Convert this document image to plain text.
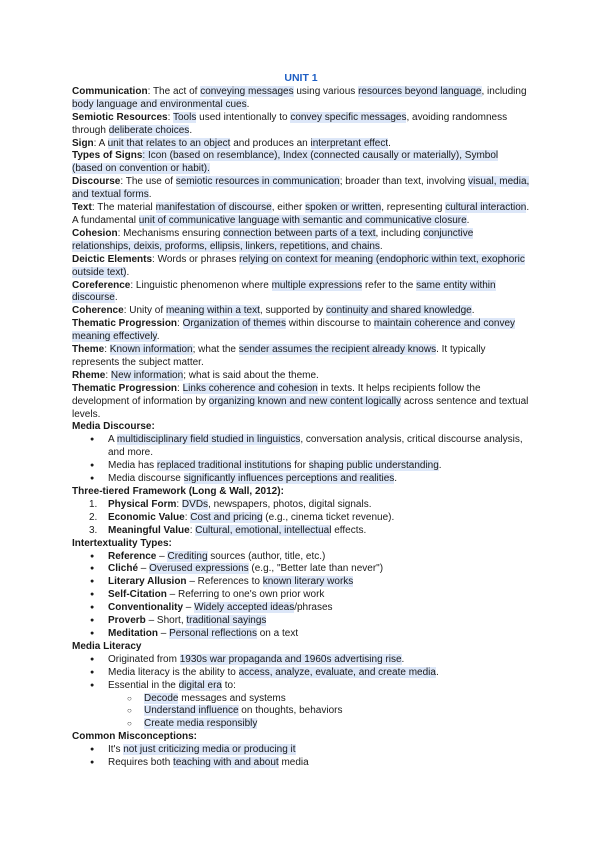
UNIT 1

Communication: The act of conveying messages using various resources beyond language, including body language and environmental cues.

Semiotic Resources: Tools used intentionally to convey specific messages, avoiding randomness through deliberate choices.

Sign: A unit that relates to an object and produces an interpretant effect.

Types of Signs: Icon (based on resemblance), Index (connected causally or materially), Symbol (based on convention or habit).

Discourse: The use of semiotic resources in communication; broader than text, involving visual, media, and textual forms.

Text: The material manifestation of discourse, either spoken or written, representing cultural interaction. A fundamental unit of communicative language with semantic and communicative closure.

Cohesion: Mechanisms ensuring connection between parts of a text, including conjunctive relationships, deixis, proforms, ellipsis, linkers, repetitions, and chains.

Deictic Elements: Words or phrases relying on context for meaning (endophoric within text, exophoric outside text).

Coreference: Linguistic phenomenon where multiple expressions refer to the same entity within discourse.

Coherence: Unity of meaning within a text, supported by continuity and shared knowledge.

Thematic Progression: Organization of themes within discourse to maintain coherence and convey meaning effectively.

Theme: Known information; what the sender assumes the recipient already knows. It typically represents the subject matter.

Rheme: New information; what is said about the theme.

Thematic Progression: Links coherence and cohesion in texts. It helps recipients follow the development of information by organizing known and new content logically across sentence and textual levels.

Media Discourse:

● A multidisciplinary field studied in linguistics, conversation analysis, critical discourse analysis, and more.
● Media has replaced traditional institutions for shaping public understanding.
● Media discourse significantly influences perceptions and realities.

Three-tiered Framework (Long & Wall, 2012):

1. Physical Form: DVDs, newspapers, photos, digital signals.
2. Economic Value: Cost and pricing (e.g., cinema ticket revenue).
3. Meaningful Value: Cultural, emotional, intellectual effects.

Intertextuality Types:

● Reference – Crediting sources (author, title, etc.)
● Cliché – Overused expressions (e.g., "Better late than never")
● Literary Allusion – References to known literary works
● Self-Citation – Referring to one's own prior work
● Conventionality – Widely accepted ideas/phrases
● Proverb – Short, traditional sayings
● Meditation – Personal reflections on a text

Media Literacy

● Originated from 1930s war propaganda and 1960s advertising rise.
● Media literacy is the ability to access, analyze, evaluate, and create media.
● Essential in the digital era to:
○ Decode messages and systems
○ Understand influence on thoughts, behaviors
○ Create media responsibly

Common Misconceptions:

● It's not just criticizing media or producing it
● Requires both teaching with and about media
